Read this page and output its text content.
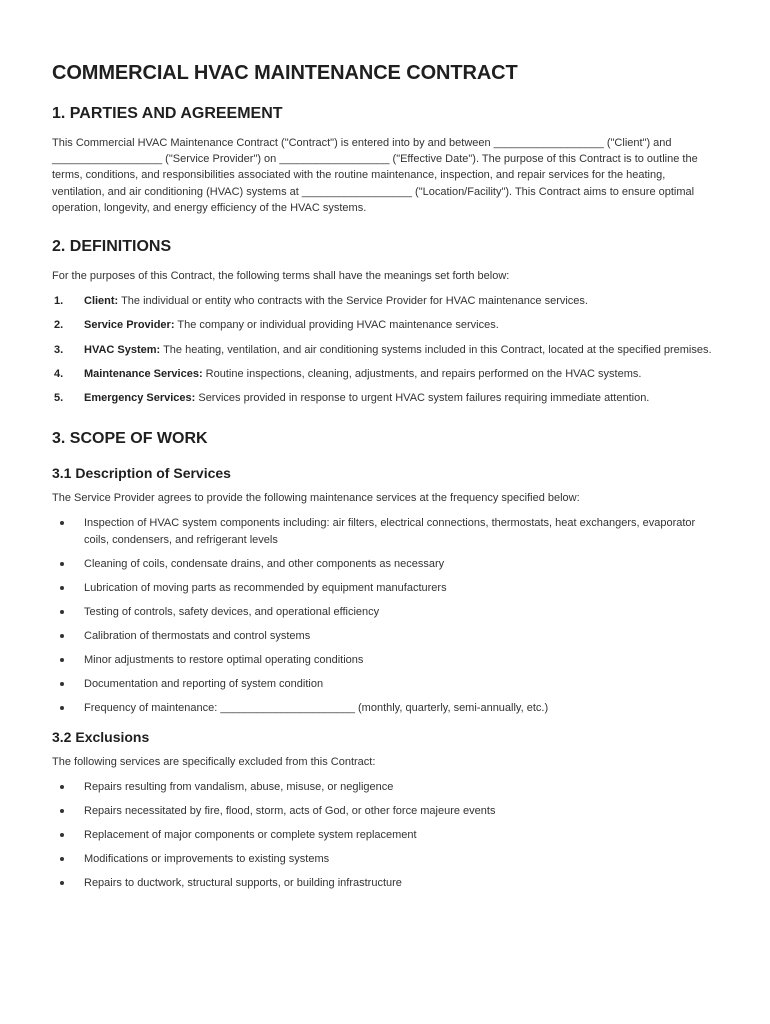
COMMERCIAL HVAC MAINTENANCE CONTRACT
1. PARTIES AND AGREEMENT

This Commercial HVAC Maintenance Contract ("Contract") is entered into by and between __________________ ("Client") and __________________ ("Service Provider") on __________________ ("Effective Date"). The purpose of this Contract is to outline the terms, conditions, and responsibilities associated with the routine maintenance, inspection, and repair services for the heating, ventilation, and air conditioning (HVAC) systems at __________________ ("Location/Facility"). This Contract aims to ensure optimal operation, longevity, and energy efficiency of the HVAC systems.

2. DEFINITIONS

For the purposes of this Contract, the following terms shall have the meanings set forth below:

1. Client: The individual or entity who contracts with the Service Provider for HVAC maintenance services.
2. Service Provider: The company or individual providing HVAC maintenance services.
3. HVAC System: The heating, ventilation, and air conditioning systems included in this Contract, located at the specified premises.
4. Maintenance Services: Routine inspections, cleaning, adjustments, and repairs performed on the HVAC systems.
5. Emergency Services: Services provided in response to urgent HVAC system failures requiring immediate attention.
3. SCOPE OF WORK
3.1 Description of Services

The Service Provider agrees to provide the following maintenance services at the frequency specified below:

Inspection of HVAC system components including: air filters, electrical connections, thermostats, heat exchangers, evaporator coils, condensers, and refrigerant levels
Cleaning of coils, condensate drains, and other components as necessary
Lubrication of moving parts as recommended by equipment manufacturers
Testing of controls, safety devices, and operational efficiency
Calibration of thermostats and control systems
Minor adjustments to restore optimal operating conditions
Documentation and reporting of system condition
Frequency of maintenance: ______________________ (monthly, quarterly, semi-annually, etc.)
3.2 Exclusions

The following services are specifically excluded from this Contract:

Repairs resulting from vandalism, abuse, misuse, or negligence
Repairs necessitated by fire, flood, storm, acts of God, or other force majeure events
Replacement of major components or complete system replacement
Modifications or improvements to existing systems
Repairs to ductwork, structural supports, or building infrastructure
